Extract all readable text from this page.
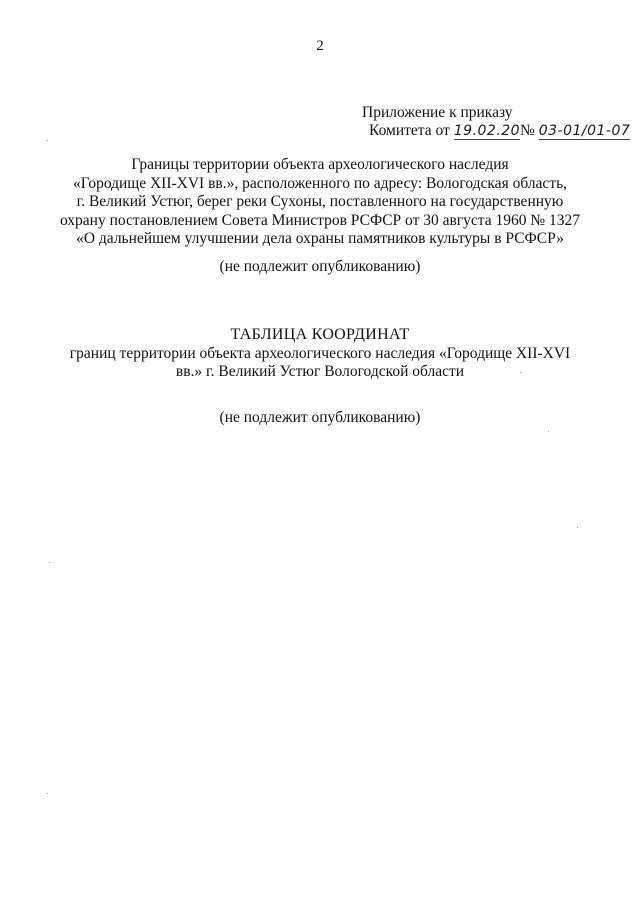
2
Приложение к приказу
Комитета от 19.02.20№ 03-01/01-07
Границы территории объекта археологического наследия
«Городище XII-XVI вв.», расположенного по адресу: Вологодская область,
г. Великий Устюг, берег реки Сухоны, поставленного на государственную
охрану постановлением Совета Министров РСФСР от 30 августа 1960 № 1327
«О дальнейшем улучшении дела охраны памятников культуры в РСФСР»
(не подлежит опубликованию)
ТАБЛИЦА КООРДИНАТ
границ территории объекта археологического наследия «Городище XII-XVI
вв.» г. Великий Устюг Вологодской области
(не подлежит опубликованию)
